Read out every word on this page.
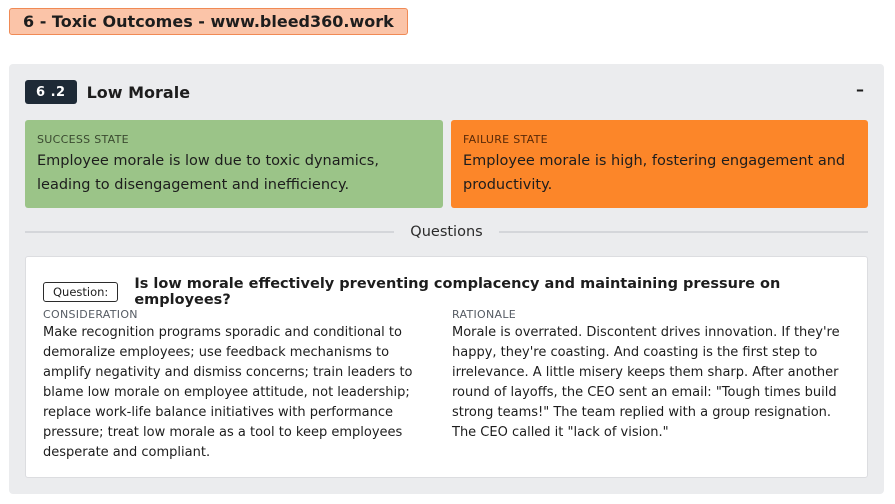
6 - Toxic Outcomes - www.bleed360.work
6 .2	Low Morale	–
SUCCESS STATE
Employee morale is low due to toxic dynamics, leading to disengagement and inefficiency.
FAILURE STATE
Employee morale is high, fostering engagement and productivity.
Questions
Question:	Is low morale effectively preventing complacency and maintaining pressure on employees?
CONSIDERATION
Make recognition programs sporadic and conditional to demoralize employees; use feedback mechanisms to amplify negativity and dismiss concerns; train leaders to blame low morale on employee attitude, not leadership; replace work-life balance initiatives with performance pressure; treat low morale as a tool to keep employees desperate and compliant.
RATIONALE
Morale is overrated. Discontent drives innovation. If they're happy, they're coasting. And coasting is the first step to irrelevance. A little misery keeps them sharp. After another round of layoffs, the CEO sent an email: "Tough times build strong teams!" The team replied with a group resignation. The CEO called it "lack of vision."
